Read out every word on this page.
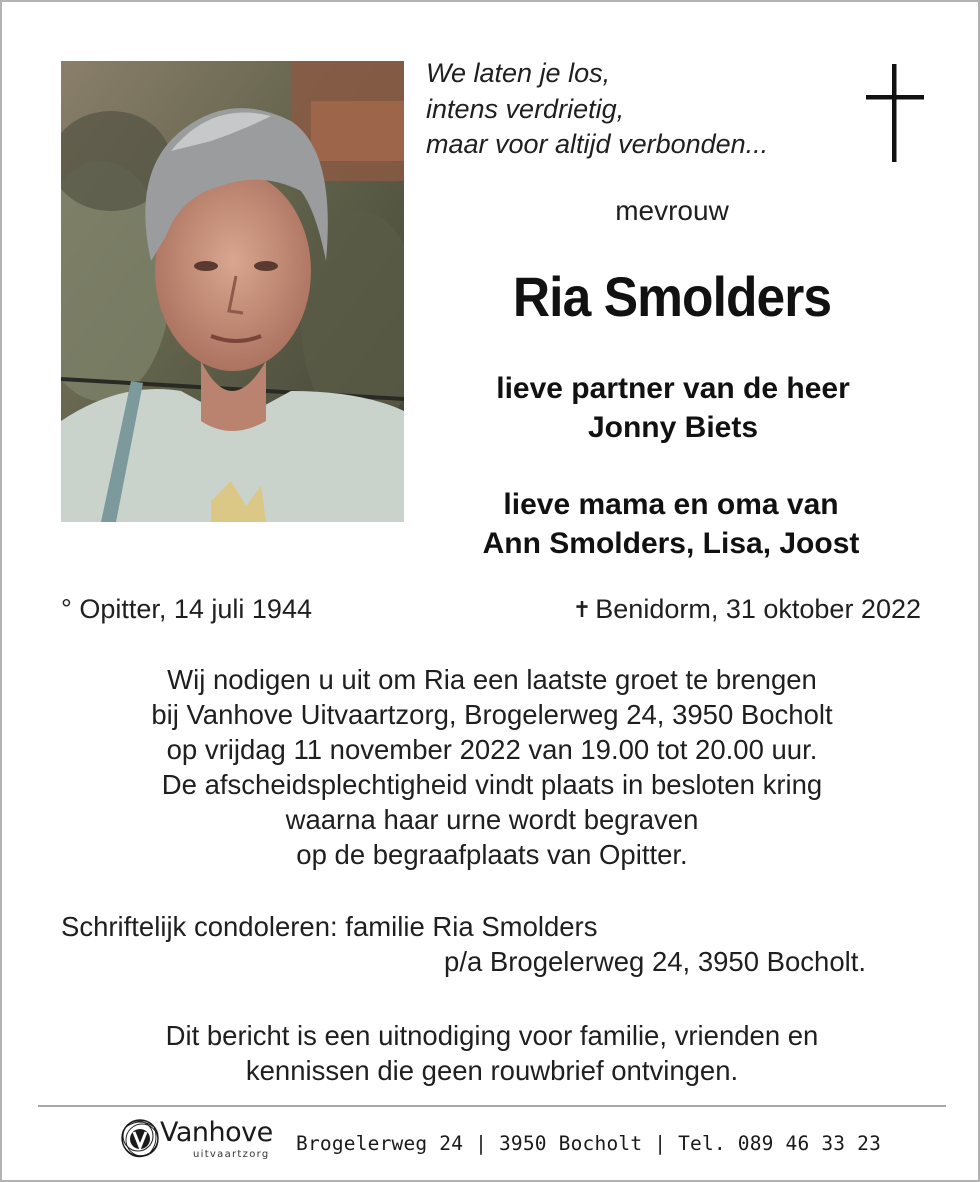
We laten je los,
intens verdrietig,
maar voor altijd verbonden...
mevrouw
Ria Smolders
lieve partner van de heer
Jonny Biets
lieve mama en oma van
Ann Smolders, Lisa, Joost
° Opitter, 14 juli 1944	✝ Benidorm, 31 oktober 2022
Wij nodigen u uit om Ria een laatste groet te brengen
bij Vanhove Uitvaartzorg, Brogelerweg 24, 3950 Bocholt
op vrijdag 11 november 2022 van 19.00 tot 20.00 uur.
De afscheidsplechtigheid vindt plaats in besloten kring
waarna haar urne wordt begraven
op de begraafplaats van Opitter.
Schriftelijk condoleren: familie Ria Smolders
p/a Brogelerweg 24, 3950 Bocholt.
Dit bericht is een uitnodiging voor familie, vrienden en
kennissen die geen rouwbrief ontvingen.
Vanhove
uitvaartzorg Brogelerweg 24 | 3950 Bocholt | Tel. 089 46 33 23
